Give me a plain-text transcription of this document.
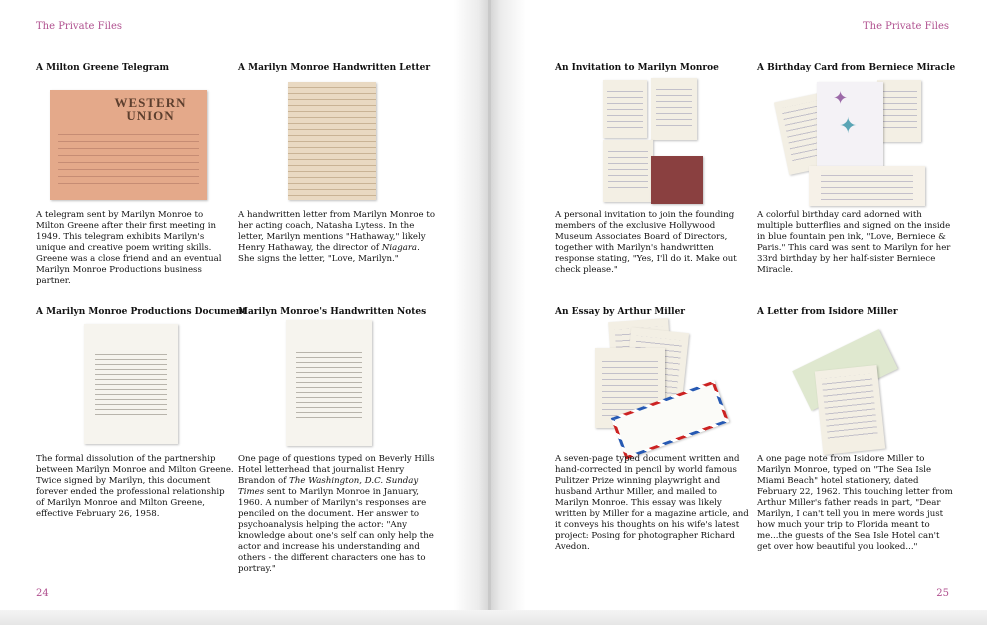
The Private Files
A Milton Greene Telegram
WESTERN UNION
A telegram sent by Marilyn Monroe to Milton Greene after their first meeting in 1949. This telegram exhibits Marilyn's unique and creative poem writing skills. Greene was a close friend and an eventual Marilyn Monroe Productions business partner.
A Marilyn Monroe Handwritten Letter
A handwritten letter from Marilyn Monroe to her acting coach, Natasha Lytess. In the letter, Marilyn mentions "Hathaway," likely Henry Hathaway, the director of Niagara. She signs the letter, "Love, Marilyn."
A Marilyn Monroe Productions Document
The formal dissolution of the partnership between Marilyn Monroe and Milton Greene. Twice signed by Marilyn, this document forever ended the professional relationship of Marilyn Monroe and Milton Greene, effective February 26, 1958.
Marilyn Monroe's Handwritten Notes
One page of questions typed on Beverly Hills Hotel letterhead that journalist Henry Brandon of The Washington, D.C. Sunday Times sent to Marilyn Monroe in January, 1960. A number of Marilyn's responses are penciled on the document. Her answer to psychoanalysis helping the actor: "Any knowledge about one's self can only help the actor and increase his understanding and others - the different characters one has to portray."
24
The Private Files
An Invitation to Marilyn Monroe
A personal invitation to join the founding members of the exclusive Hollywood Museum Associates Board of Directors, together with Marilyn's handwritten response stating, "Yes, I'll do it. Make out check please."
A Birthday Card from Berniece Miracle
✦
✦
A colorful birthday card adorned with multiple butterflies and signed on the inside in blue fountain pen ink, "Love, Berniece & Paris." This card was sent to Marilyn for her 33rd birthday by her half-sister Berniece Miracle.
An Essay by Arthur Miller
A seven-page typed document written and hand-corrected in pencil by world famous Pulitzer Prize winning playwright and husband Arthur Miller, and mailed to Marilyn Monroe. This essay was likely written by Miller for a magazine article, and it conveys his thoughts on his wife's latest project: Posing for photographer Richard Avedon.
A Letter from Isidore Miller
A one page note from Isidore Miller to Marilyn Monroe, typed on "The Sea Isle Miami Beach" hotel stationery, dated February 22, 1962. This touching letter from Arthur Miller's father reads in part, "Dear Marilyn, I can't tell you in mere words just how much your trip to Florida meant to me...the guests of the Sea Isle Hotel can't get over how beautiful you looked..."
25
